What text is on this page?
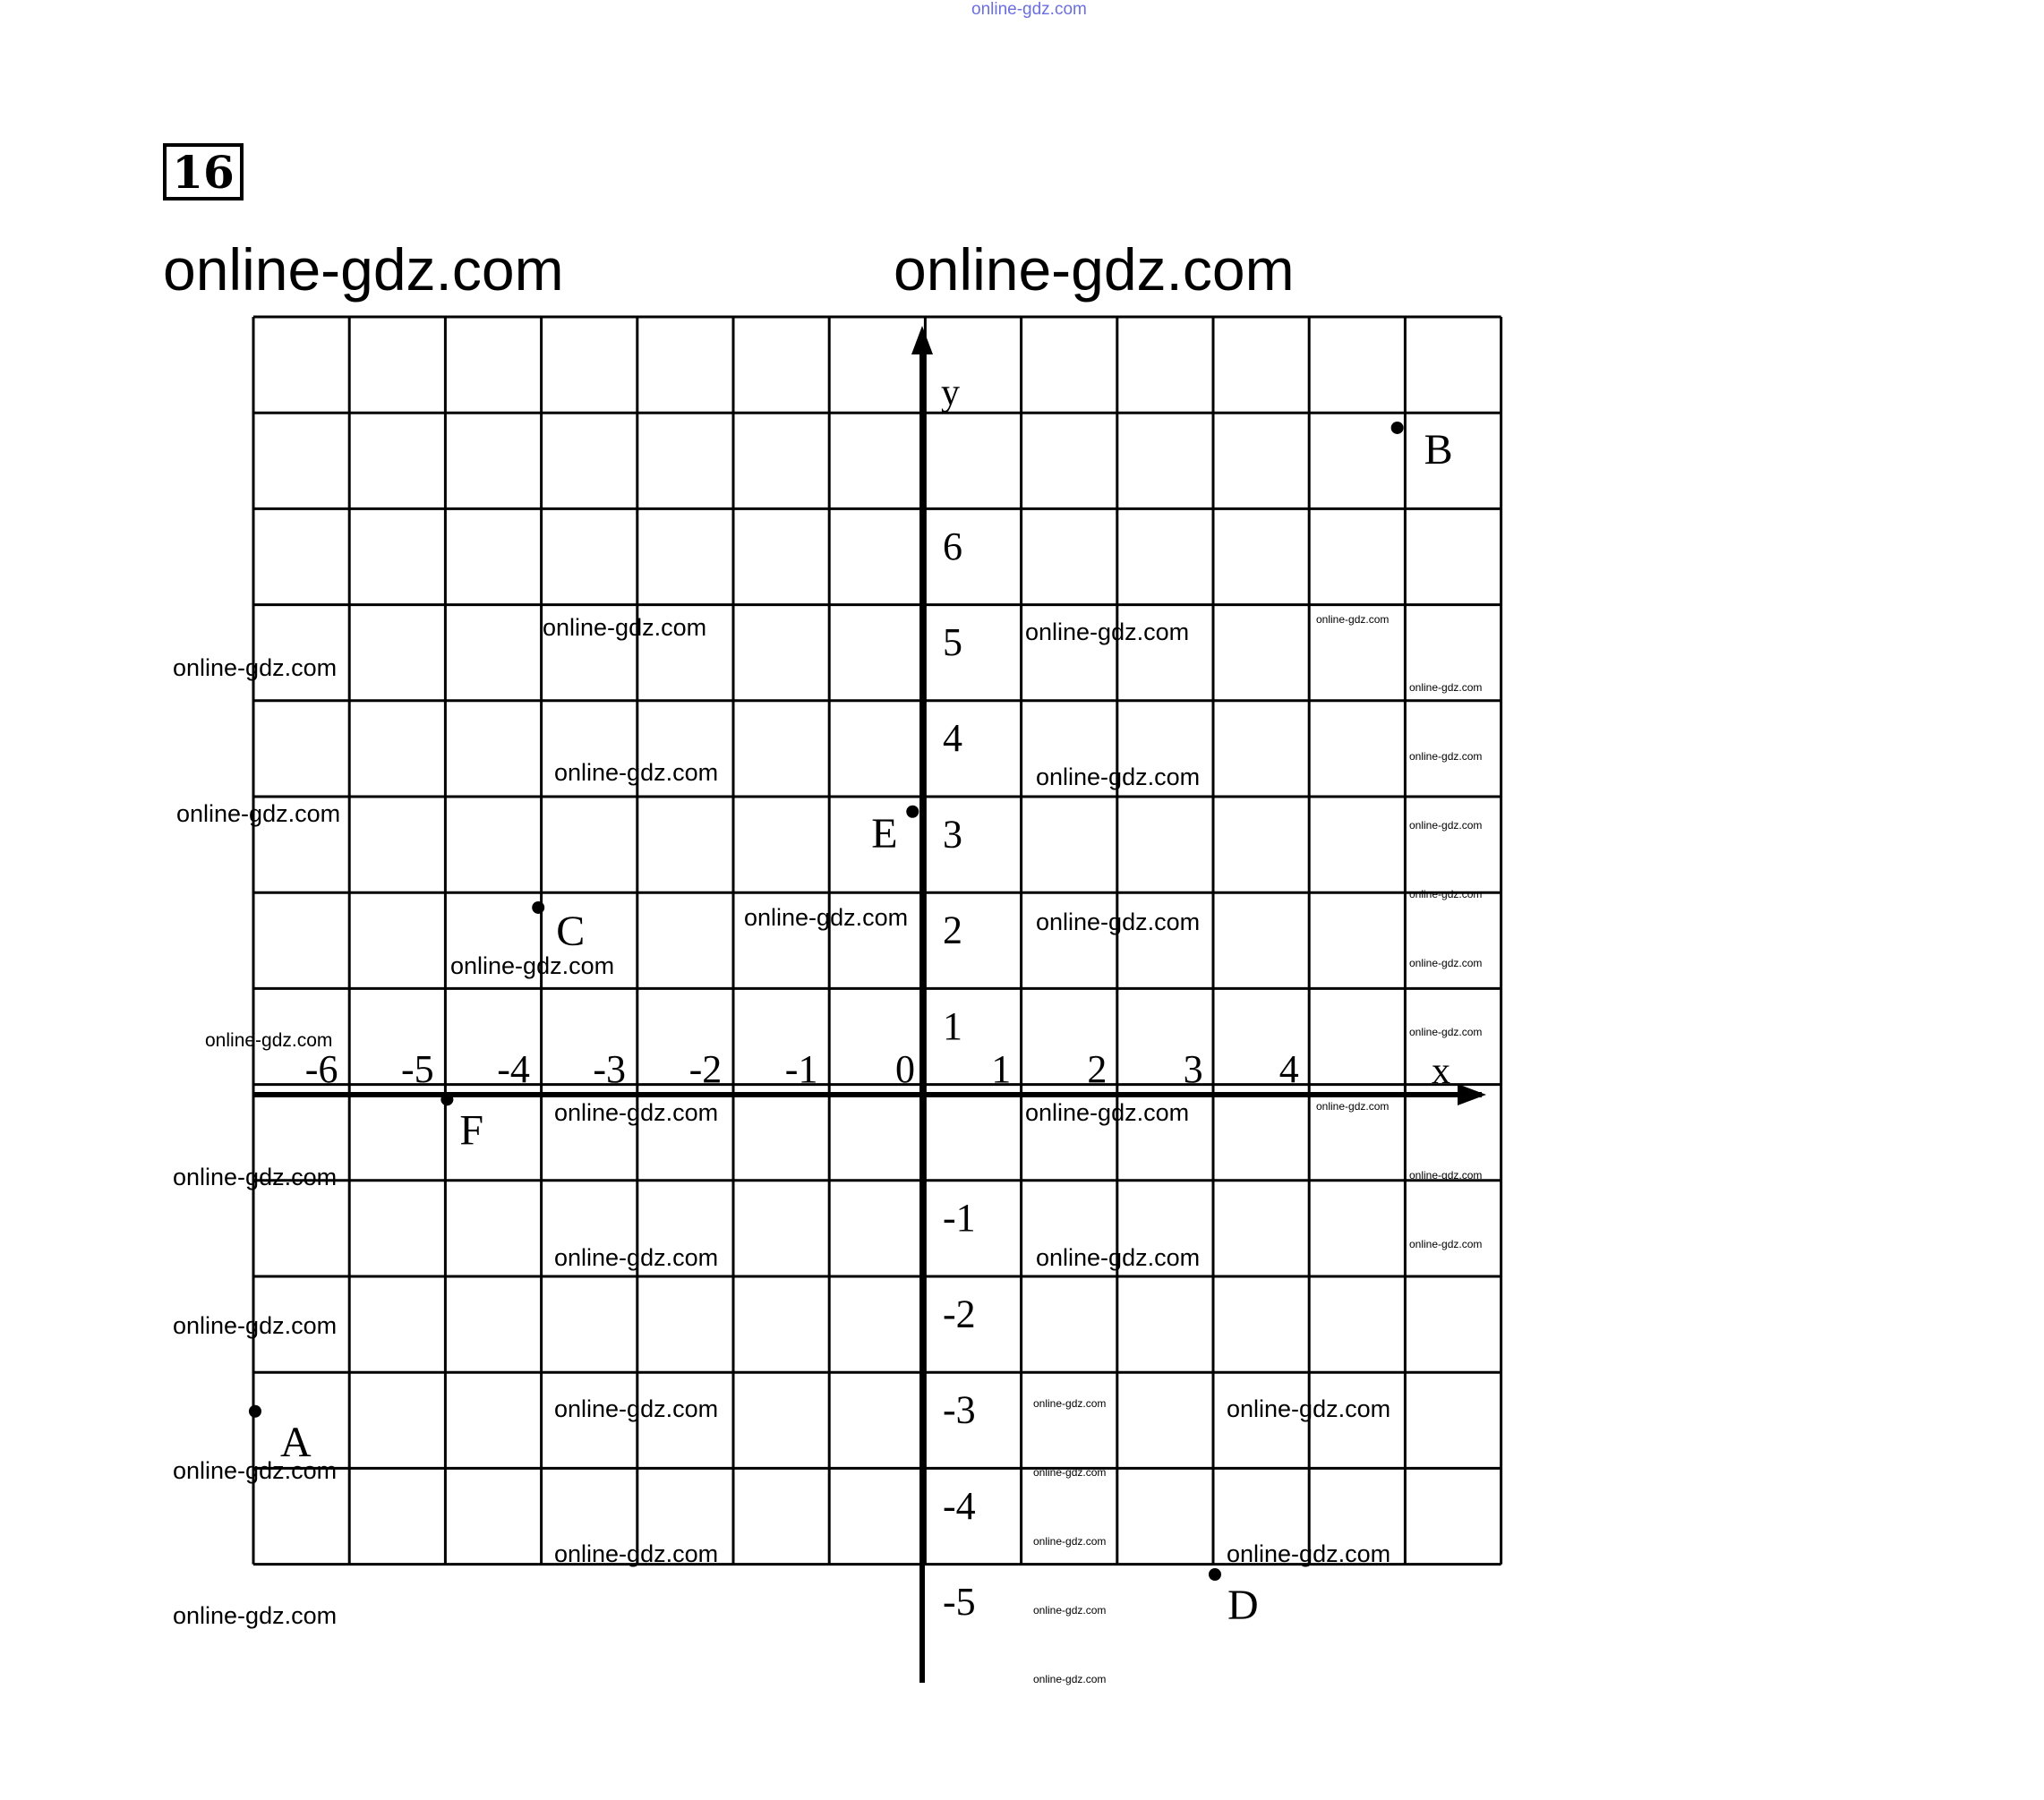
online-gdz.com
16
online-gdz.com	online-gdz.com
x
y
-6 -5 -4 -3 -2 -1 0 1 2 3 4
6
5
4
3
2
1
-1
-2
-3
-4
-5
A
B
C
D
E
F
online-gdz.com
online-gdz.com
online-gdz.com
online-gdz.com
online-gdz.com
online-gdz.com
online-gdz.com
online-gdz.com
online-gdz.com
online-gdz.com
online-gdz.com
online-gdz.com
online-gdz.com
online-gdz.com
online-gdz.com
online-gdz.com
online-gdz.com
online-gdz.com
online-gdz.com
online-gdz.com
online-gdz.com
online-gdz.com
online-gdz.com
online-gdz.com
online-gdz.com
online-gdz.com
online-gdz.com
online-gdz.com
online-gdz.com
online-gdz.com
online-gdz.com
online-gdz.com
online-gdz.com
online-gdz.com
online-gdz.com
online-gdz.com
online-gdz.com
